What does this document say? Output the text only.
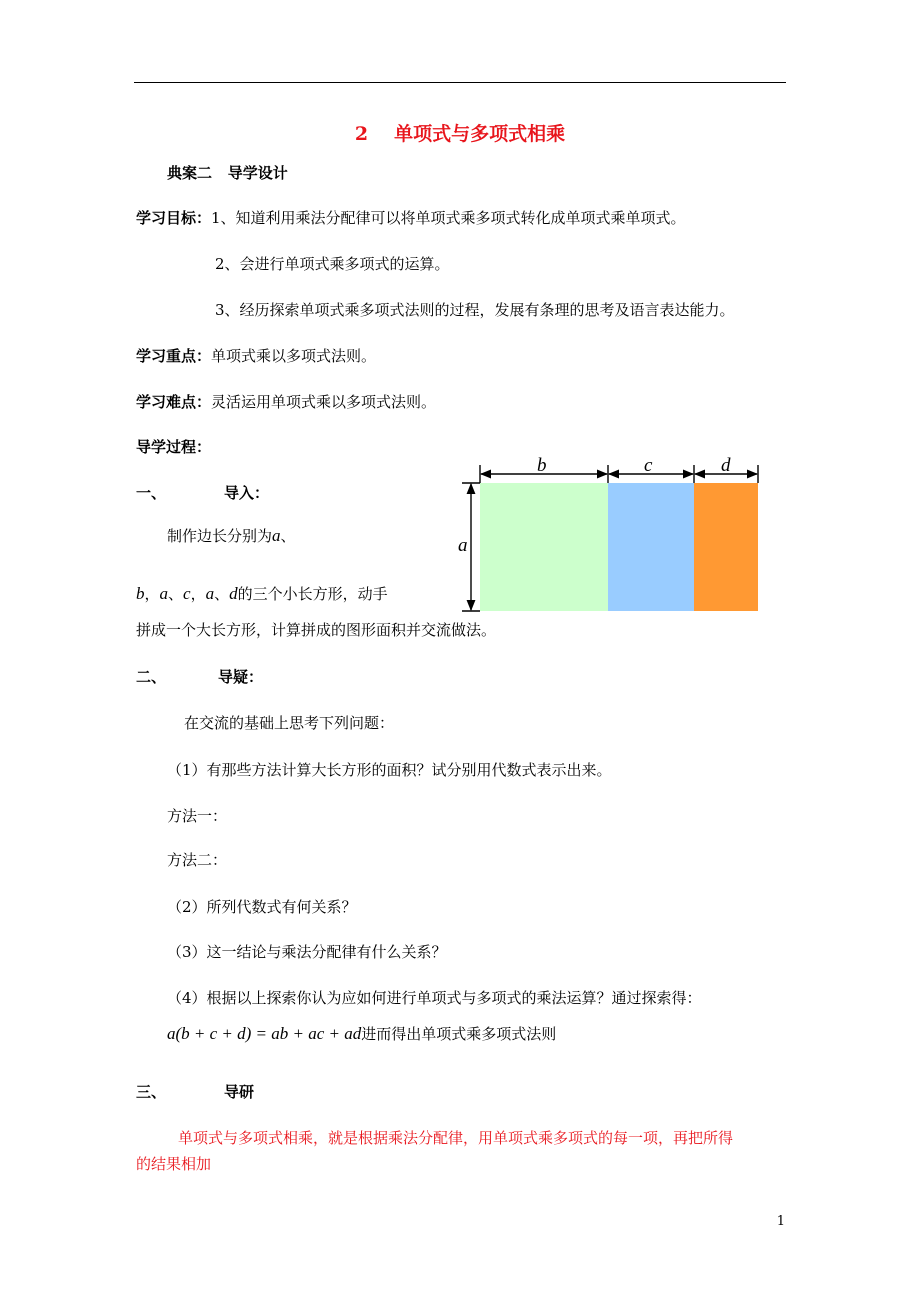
2 单项式与多项式相乘
典案二 导学设计
学习目标：1、知道利用乘法分配律可以将单项式乘多项式转化成单项式乘单项式。
2、会进行单项式乘多项式的运算。
3、经历探索单项式乘多项式法则的过程，发展有条理的思考及语言表达能力。
学习重点：单项式乘以多项式法则。
学习难点：灵活运用单项式乘以多项式法则。
导学过程：
一、	导入：
制作边长分别为a、
b，a、c，a、d的三个小长方形，动手
拼成一个大长方形，计算拼成的图形面积并交流做法。
b	c	d
a
二、	导疑：
在交流的基础上思考下列问题：
（1）有那些方法计算大长方形的面积？试分别用代数式表示出来。
方法一：
方法二：
（2）所列代数式有何关系？
（3）这一结论与乘法分配律有什么关系？
（4）根据以上探索你认为应如何进行单项式与多项式的乘法运算？通过探索得：
a(b + c + d) = ab + ac + ad进而得出单项式乘多项式法则
三、	导研
单项式与多项式相乘，就是根据乘法分配律，用单项式乘多项式的每一项，再把所得
的结果相加
1
